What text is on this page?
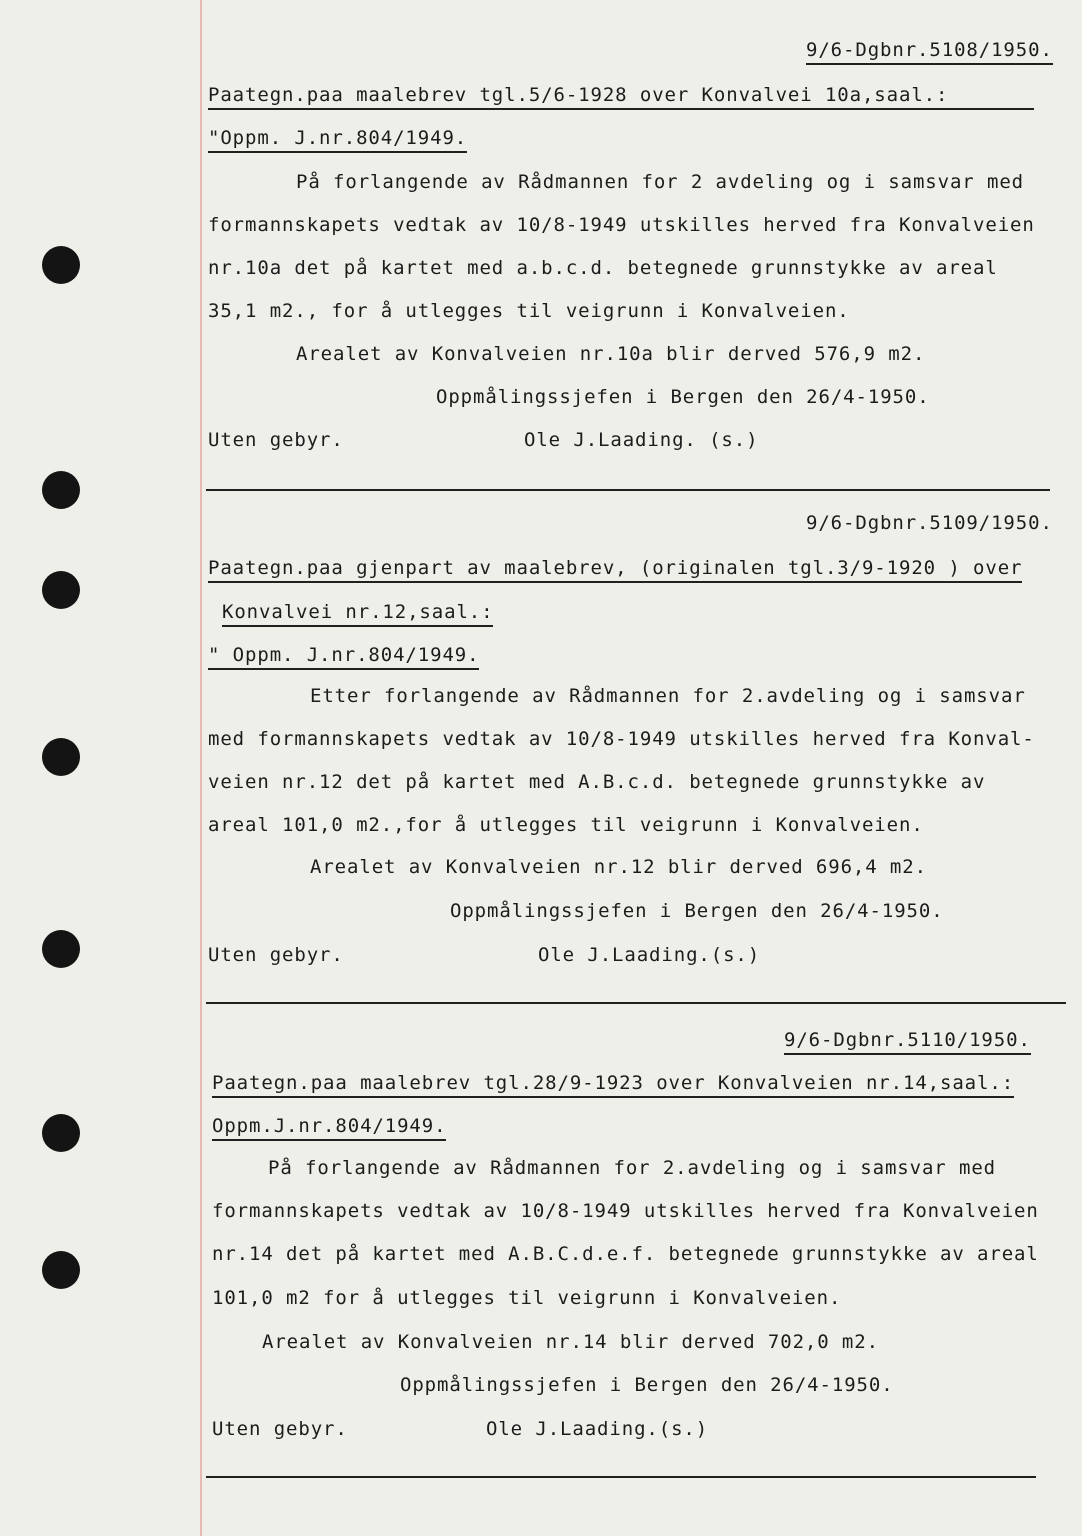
9/6-Dgbnr.5108/1950.
Paategn.paa maalebrev tgl.5/6-1928 over Konvalvei 10a,saal.:
"Oppm. J.nr.804/1949.
På forlangende av Rådmannen for 2 avdeling og i samsvar med
formannskapets vedtak av 10/8-1949 utskilles herved fra Konvalveien
nr.10a det på kartet med a.b.c.d. betegnede grunnstykke av areal
35,1 m2., for å utlegges til veigrunn i Konvalveien.
Arealet av Konvalveien nr.10a blir derved 576,9 m2.
Oppmålingssjefen i Bergen den 26/4-1950.
Uten gebyr.	Ole J.Laading. (s.)
9/6-Dgbnr.5109/1950.
Paategn.paa gjenpart av maalebrev, (originalen tgl.3/9-1920 ) over
Konvalvei nr.12,saal.:
" Oppm. J.nr.804/1949.
Etter forlangende av Rådmannen for 2.avdeling og i samsvar
med formannskapets vedtak av 10/8-1949 utskilles herved fra Konval-
veien nr.12 det på kartet med A.B.c.d. betegnede grunnstykke av
areal 101,0 m2.,for å utlegges til veigrunn i Konvalveien.
Arealet av Konvalveien nr.12 blir derved 696,4 m2.
Oppmålingssjefen i Bergen den 26/4-1950.
Uten gebyr.	Ole J.Laading.(s.)
9/6-Dgbnr.5110/1950.
Paategn.paa maalebrev tgl.28/9-1923 over Konvalveien nr.14,saal.:
Oppm.J.nr.804/1949.
På forlangende av Rådmannen for 2.avdeling og i samsvar med
formannskapets vedtak av 10/8-1949 utskilles herved fra Konvalveien
nr.14 det på kartet med A.B.C.d.e.f. betegnede grunnstykke av areal
101,0 m2 for å utlegges til veigrunn i Konvalveien.
Arealet av Konvalveien nr.14 blir derved 702,0 m2.
Oppmålingssjefen i Bergen den 26/4-1950.
Uten gebyr.	Ole J.Laading.(s.)
